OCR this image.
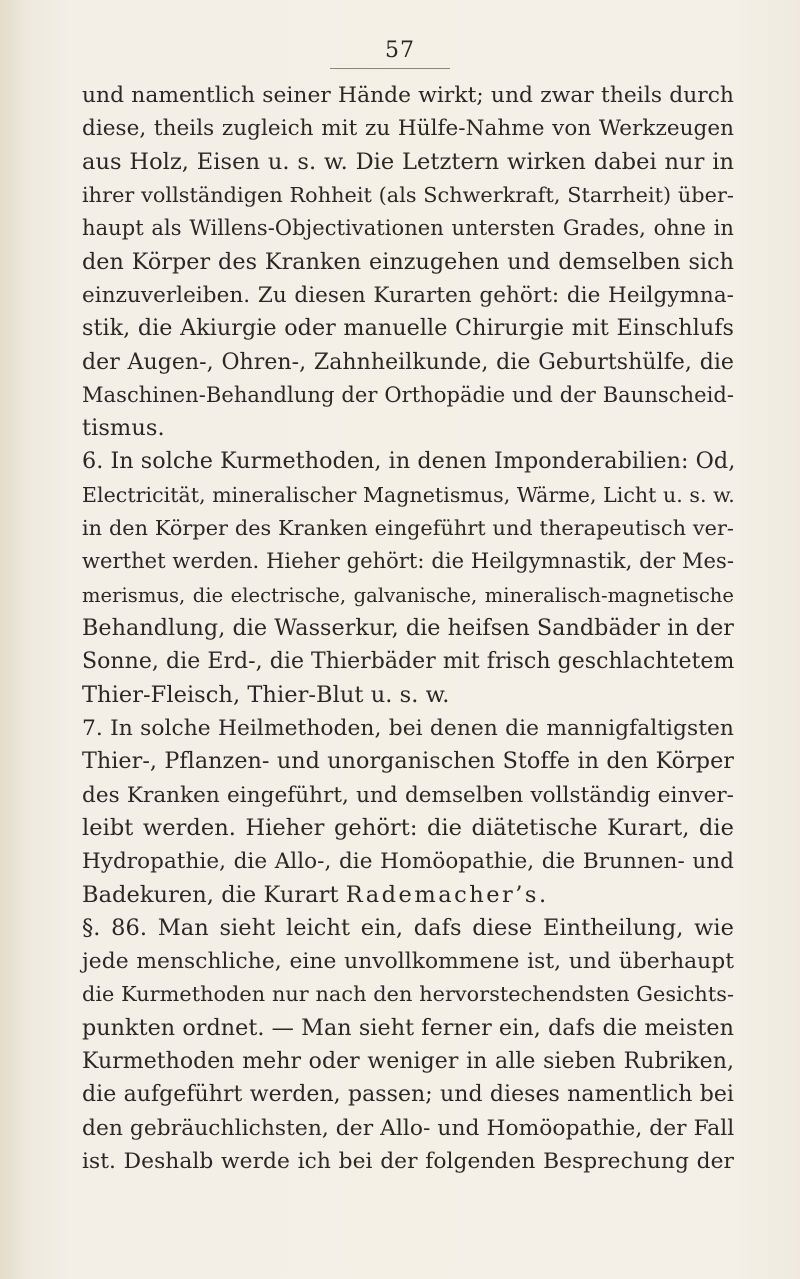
57
und namentlich seiner Hände wirkt; und zwar theils durch
diese, theils zugleich mit zu Hülfe-Nahme von Werkzeugen
aus Holz, Eisen u. s. w. Die Letztern wirken dabei nur in
ihrer vollständigen Rohheit (als Schwerkraft, Starrheit) über-
haupt als Willens-Objectivationen untersten Grades, ohne in
den Körper des Kranken einzugehen und demselben sich
einzuverleiben. Zu diesen Kurarten gehört: die Heilgymna-
stik, die Akiurgie oder manuelle Chirurgie mit Einschlufs
der Augen-, Ohren-, Zahnheilkunde, die Geburtshülfe, die
Maschinen-Behandlung der Orthopädie und der Baunscheid-
tismus.
6. In solche Kurmethoden, in denen Imponderabilien: Od,
Electricität, mineralischer Magnetismus, Wärme, Licht u. s. w.
in den Körper des Kranken eingeführt und therapeutisch ver-
werthet werden. Hieher gehört: die Heilgymnastik, der Mes-
merismus, die electrische, galvanische, mineralisch-magnetische
Behandlung, die Wasserkur, die heifsen Sandbäder in der
Sonne, die Erd-, die Thierbäder mit frisch geschlachtetem
Thier-Fleisch, Thier-Blut u. s. w.
7. In solche Heilmethoden, bei denen die mannigfaltigsten
Thier-, Pflanzen- und unorganischen Stoffe in den Körper
des Kranken eingeführt, und demselben vollständig einver-
leibt werden. Hieher gehört: die diätetische Kurart, die
Hydropathie, die Allo-, die Homöopathie, die Brunnen- und
Badekuren, die Kurart Rademacher’s.
§. 86. Man sieht leicht ein, dafs diese Eintheilung, wie
jede menschliche, eine unvollkommene ist, und überhaupt
die Kurmethoden nur nach den hervorstechendsten Gesichts-
punkten ordnet. — Man sieht ferner ein, dafs die meisten
Kurmethoden mehr oder weniger in alle sieben Rubriken,
die aufgeführt werden, passen; und dieses namentlich bei
den gebräuchlichsten, der Allo- und Homöopathie, der Fall
ist. Deshalb werde ich bei der folgenden Besprechung der
